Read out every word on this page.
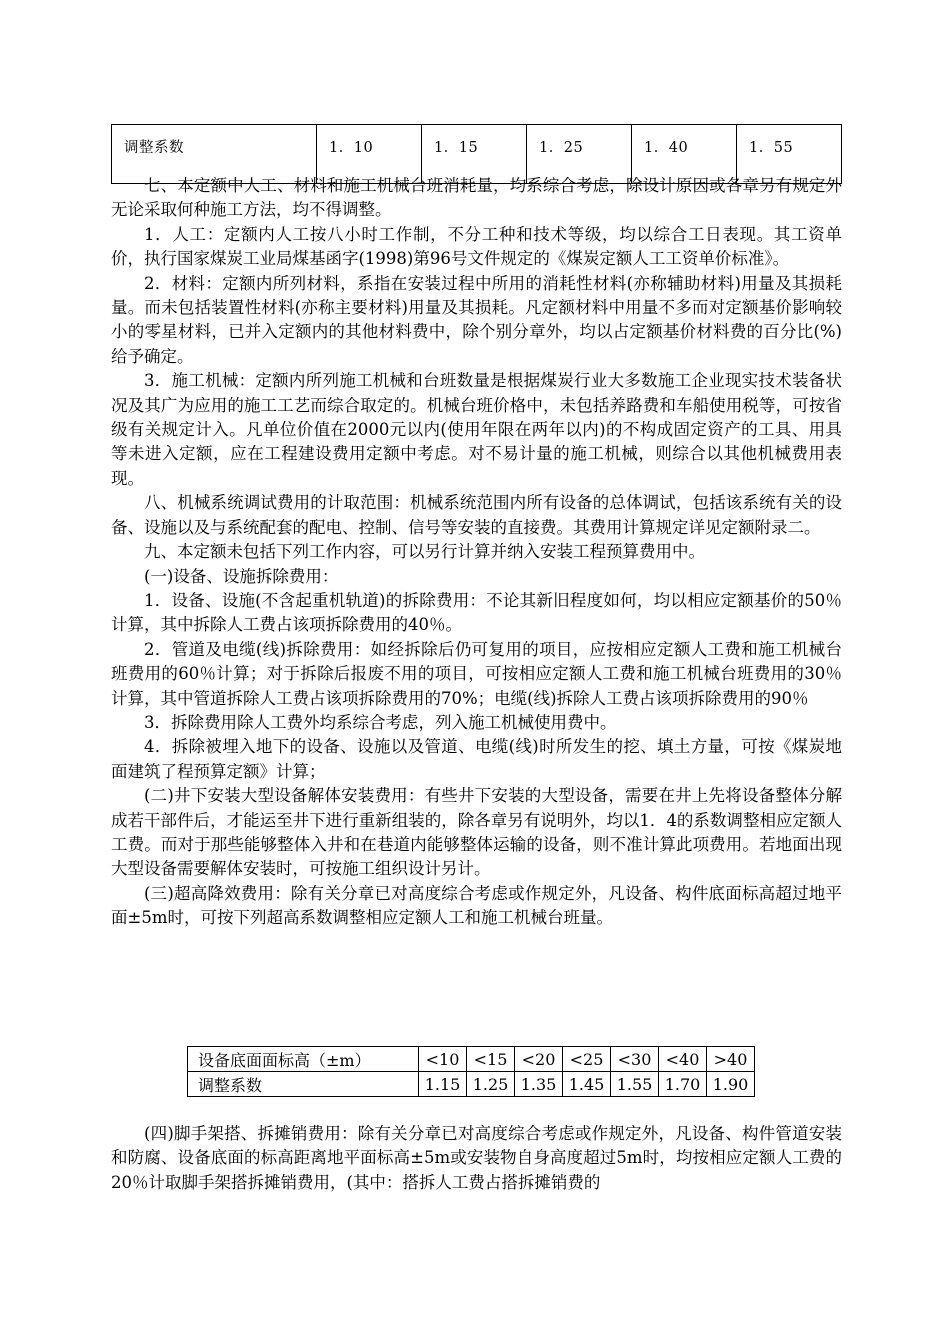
调整系数	1．10	1．15	1．25	1．40	1．55

七、本定额中人工、材料和施工机械台班消耗量，均系综合考虑，除设计原因或各章另有规定外无论采取何种施工方法，均不得调整。

1．人工：定额内人工按八小时工作制，不分工种和技术等级，均以综合工日表现。其工资单价，执行国家煤炭工业局煤基函字(1998)第96号文件规定的《煤炭定额人工工资单价标准》。

2．材料：定额内所列材料，系指在安装过程中所用的消耗性材料(亦称辅助材料)用量及其损耗量。而未包括装置性材料(亦称主要材料)用量及其损耗。凡定额材料中用量不多而对定额基价影响较小的零星材料，已并入定额内的其他材料费中，除个别分章外，均以占定额基价材料费的百分比(%)给予确定。

3．施工机械：定额内所列施工机械和台班数量是根据煤炭行业大多数施工企业现实技术装备状况及其广为应用的施工工艺而综合取定的。机械台班价格中，未包括养路费和车船使用税等，可按省级有关规定计入。凡单位价值在2000元以内(使用年限在两年以内)的不构成固定资产的工具、用具等未进入定额，应在工程建设费用定额中考虑。对不易计量的施工机械，则综合以其他机械费用表现。

八、机械系统调试费用的计取范围：机械系统范围内所有设备的总体调试，包括该系统有关的设备、设施以及与系统配套的配电、控制、信号等安装的直接费。其费用计算规定详见定额附录二。

九、本定额未包括下列工作内容，可以另行计算并纳入安装工程预算费用中。

(一)设备、设施拆除费用：

1．设备、设施(不含起重机轨道)的拆除费用：不论其新旧程度如何，均以相应定额基价的50％计算，其中拆除人工费占该项拆除费用的40％。

2．管道及电缆(线)拆除费用：如经拆除后仍可复用的项目，应按相应定额人工费和施工机械台班费用的60％计算；对于拆除后报废不用的项目，可按相应定额人工费和施工机械台班费用的30％计算，其中管道拆除人工费占该项拆除费用的70%；电缆(线)拆除人工费占该项拆除费用的90％

3．拆除费用除人工费外均系综合考虑，列入施工机械使用费中。

4．拆除被埋入地下的设备、设施以及管道、电缆(线)时所发生的挖、填土方量，可按《煤炭地面建筑了程预算定额》计算；

(二)井下安装大型设备解体安装费用：有些井下安装的大型设备，需要在井上先将设备整体分解成若干部件后，才能运至井下进行重新组装的，除各章另有说明外，均以1．4的系数调整相应定额人工费。而对于那些能够整体入井和在巷道内能够整体运输的设备，则不准计算此项费用。若地面出现大型设备需要解体安装时，可按施工组织设计另计。

(三)超高降效费用：除有关分章已对高度综合考虑或作规定外，凡设备、构件底面标高超过地平面±5m时，可按下列超高系数调整相应定额人工和施工机械台班量。

设备底面面标高（±m）	<10	<15	<20	<25	<30	<40	>40
调整系数	1.15	1.25	1.35	1.45	1.55	1.70	1.90

(四)脚手架搭、拆摊销费用：除有关分章已对高度综合考虑或作规定外，凡设备、构件管道安装和防腐、设备底面的标高距离地平面标高±5m或安装物自身高度超过5m时，均按相应定额人工费的20％计取脚手架搭拆摊销费用，(其中：搭拆人工费占搭拆摊销费的
